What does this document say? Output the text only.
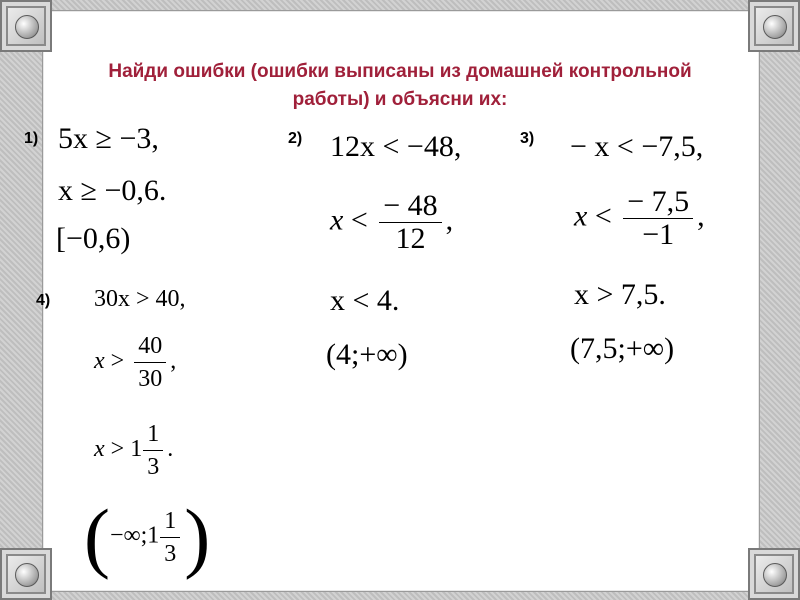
Найди ошибки (ошибки выписаны из домашней контрольной
работы) и объясни их:
1) 5x ≥ −3,
x ≥ −0,6.
[−0,6)
2) 12x < −48,
$x < \frac{- 48}{12}$ ,
x < 4.
(4;+∞)
3) − x < −7,5,
$x < \frac{- 7,5}{-1}$ ,
x > 7,5.
(7,5;+∞)
4) 30x > 40,
$x > \frac{40}{30}$ ,
$x > 1 \frac{1}{3}$ .
(−∞;1 $\frac{1}{3}$ )
